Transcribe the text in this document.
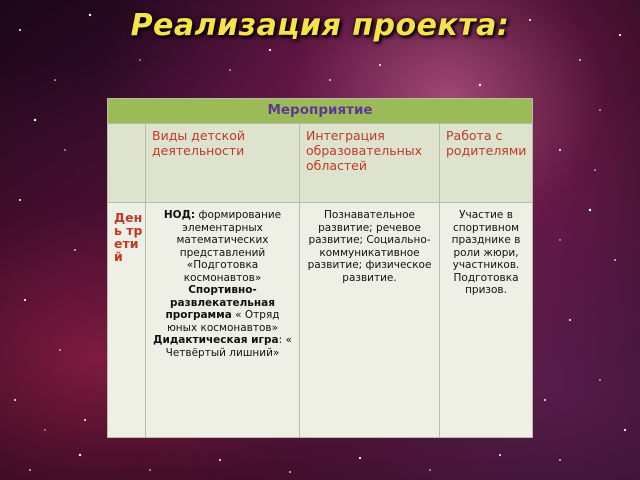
Реализация проекта:
Мероприятие			

	Виды детской деятельности	Интеграция образовательных областей	Работа с родителями

День третий	НОД: формирование элементарных математических представлений «Подготовка космонавтов»
Спортивно-развлекательная программа « Отряд юных космонавтов»
Дидактическая игра: « Четвёртый лишний»	Познавательное развитие; речевое развитие; Социально-коммуникативное развитие; физическое развитие.	Участие в спортивном празднике в роли жюри, участников. Подготовка призов.
